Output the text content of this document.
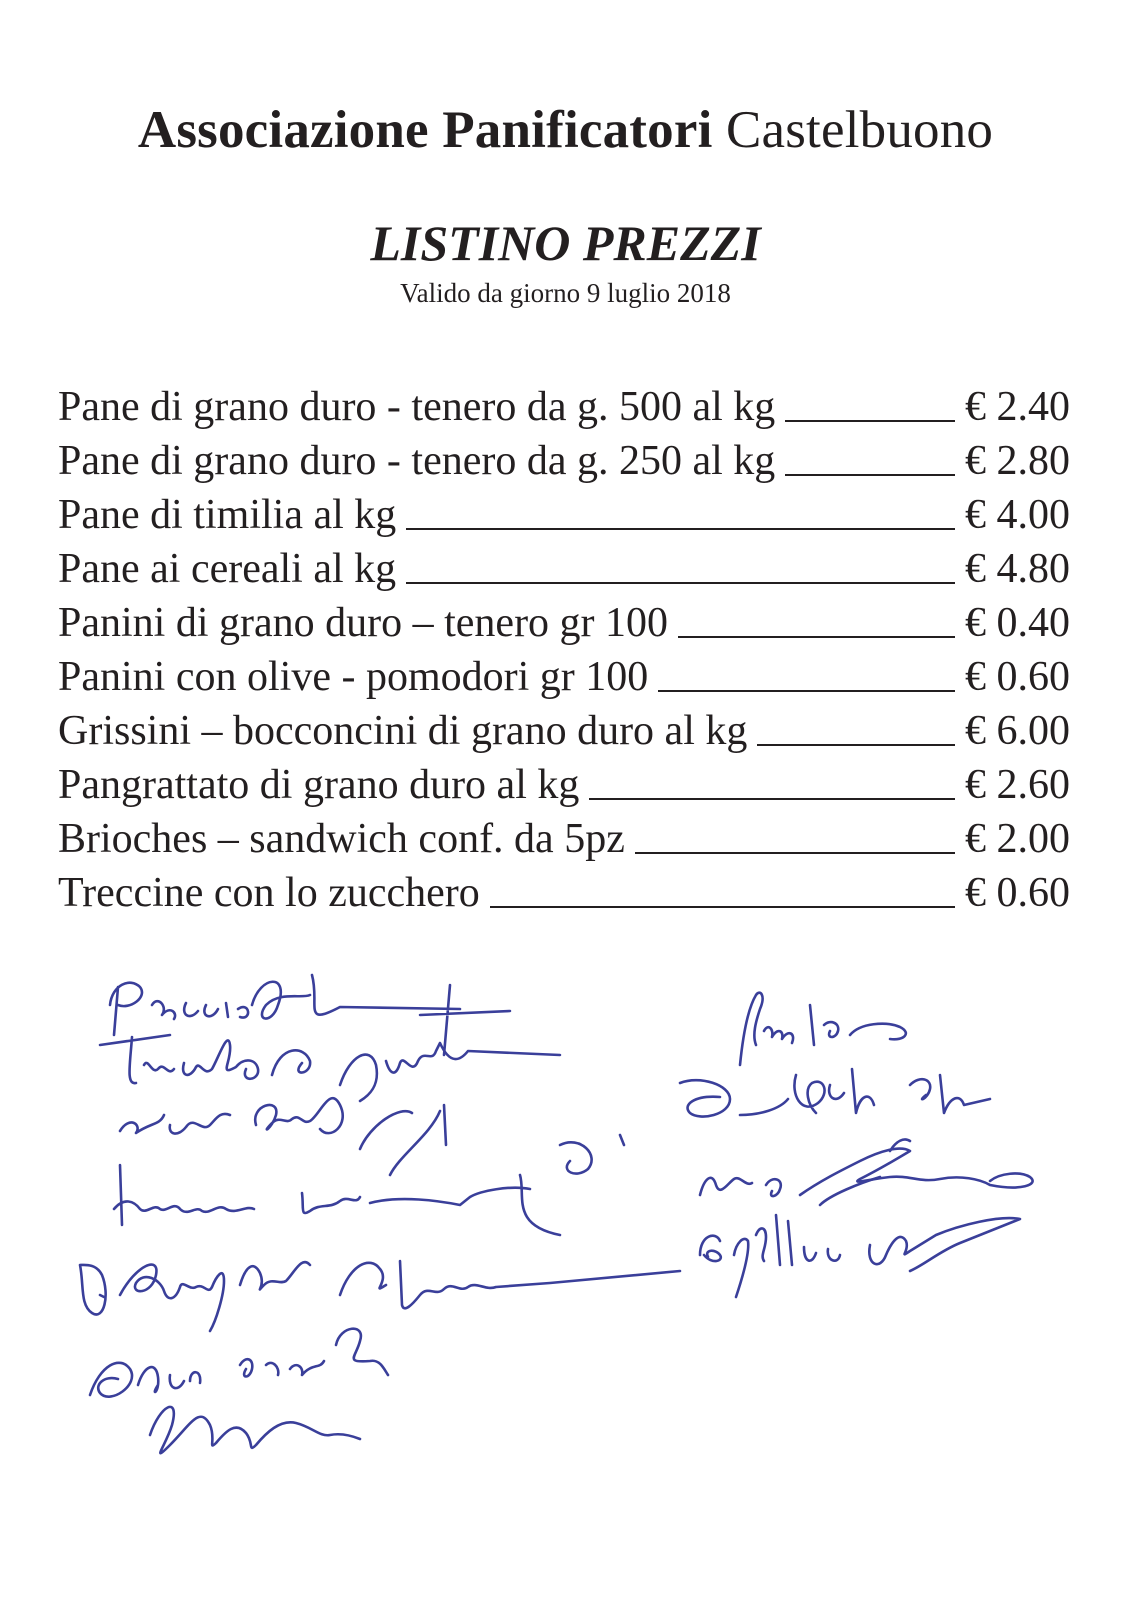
Associazione Panificatori Castelbuono
LISTINO PREZZI
Valido da giorno 9 luglio 2018
Pane di grano duro - tenero da g. 500 al kg	€ 2.40
Pane di grano duro - tenero da g. 250 al kg	€ 2.80
Pane di timilia al kg	€ 4.00
Pane ai cereali al kg	€ 4.80
Panini di grano duro – tenero gr 100	€ 0.40
Panini con olive - pomodori gr 100	€ 0.60
Grissini – bocconcini di grano duro al kg	€ 6.00
Pangrattato di grano duro al kg	€ 2.60
Brioches – sandwich conf. da 5pz	€ 2.00
Treccine con lo zucchero	€ 0.60
